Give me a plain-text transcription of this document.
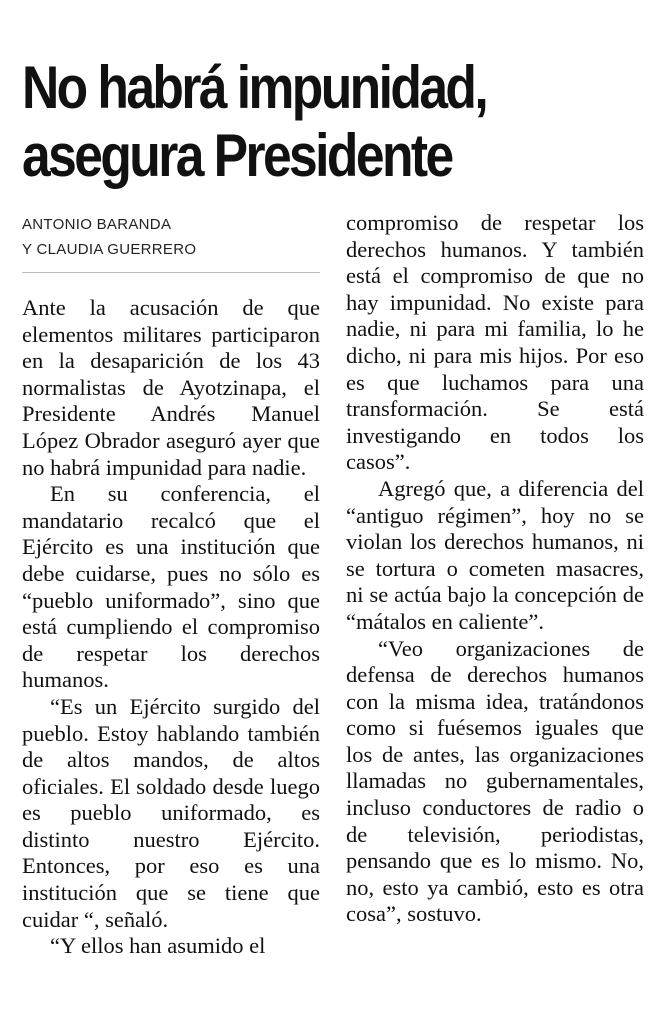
No habrá impunidad,
asegura Presidente
ANTONIO BARANDA
Y CLAUDIA GUERRERO

Ante la acusación de que elementos militares participaron en la desaparición de los 43 normalistas de Ayotzinapa, el Presidente Andrés Manuel López Obrador aseguró ayer que no habrá impunidad para nadie.

En su conferencia, el mandatario recalcó que el Ejército es una institución que debe cuidarse, pues no sólo es “pueblo uniformado”, sino que está cumpliendo el compromiso de respetar los derechos humanos.

“Es un Ejército surgido del pueblo. Estoy hablando también de altos mandos, de altos oficiales. El soldado desde luego es pueblo uniformado, es distinto nuestro Ejército. Entonces, por eso es una institución que se tiene que cuidar “, señaló.

“Y ellos han asumido el

compromiso de respetar los derechos humanos. Y también está el compromiso de que no hay impunidad. No existe para nadie, ni para mi familia, lo he dicho, ni para mis hijos. Por eso es que luchamos para una transformación. Se está investigando en todos los casos”.

Agregó que, a diferencia del “antiguo régimen”, hoy no se violan los derechos humanos, ni se tortura o cometen masacres, ni se actúa bajo la concepción de “mátalos en caliente”.

“Veo organizaciones de defensa de derechos humanos con la misma idea, tratándonos como si fuésemos iguales que los de antes, las organizaciones llamadas no gubernamentales, incluso conductores de radio o de televisión, periodistas, pensando que es lo mismo. No, no, esto ya cambió, esto es otra cosa”, sostuvo.
